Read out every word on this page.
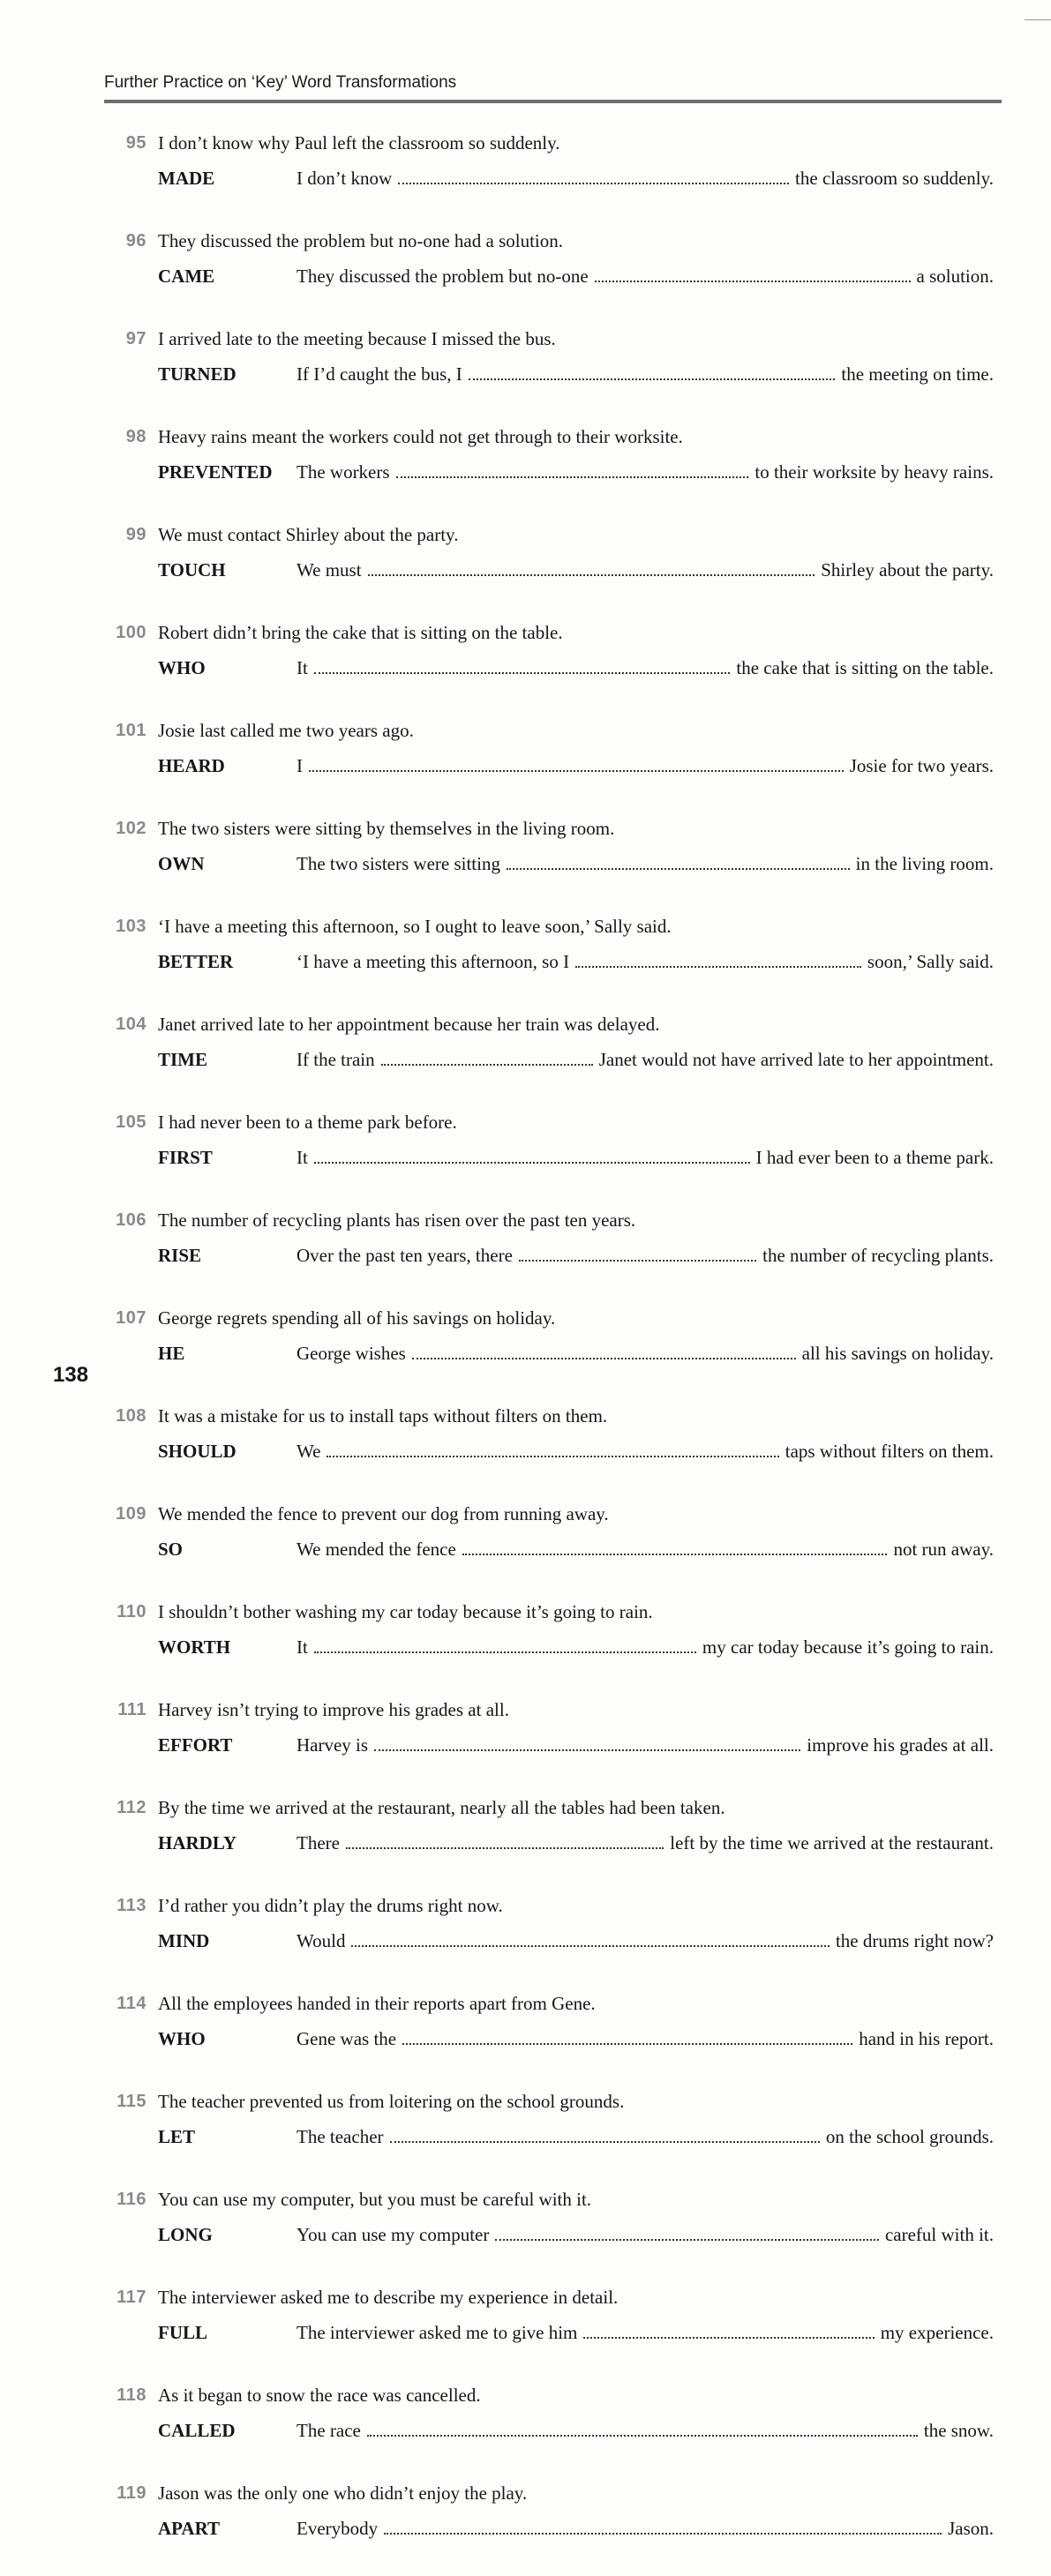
Further Practice on ‘Key’ Word Transformations
95 I don’t know why Paul left the classroom so suddenly.
MADE	I don’t know	the classroom so suddenly.
96 They discussed the problem but no-one had a solution.
CAME	They discussed the problem but no-one	a solution.
97 I arrived late to the meeting because I missed the bus.
TURNED	If I’d caught the bus, I	the meeting on time.
98 Heavy rains meant the workers could not get through to their worksite.
PREVENTED The workers	to their worksite by heavy rains.
99 We must contact Shirley about the party.
TOUCH	We must	Shirley about the party.
100 Robert didn’t bring the cake that is sitting on the table.
WHO	It	the cake that is sitting on the table.
101 Josie last called me two years ago.
HEARD	I	Josie for two years.
102 The two sisters were sitting by themselves in the living room.
OWN	The two sisters were sitting	in the living room.
103 ‘I have a meeting this afternoon, so I ought to leave soon,’ Sally said.
BETTER	‘I have a meeting this afternoon, so I	soon,’ Sally said.
104 Janet arrived late to her appointment because her train was delayed.
TIME	If the train	Janet would not have arrived late to her appointment.
105 I had never been to a theme park before.
FIRST	It	I had ever been to a theme park.
106 The number of recycling plants has risen over the past ten years.
RISE	Over the past ten years, there	the number of recycling plants.
107 George regrets spending all of his savings on holiday.
HE	George wishes	all his savings on holiday.
108 It was a mistake for us to install taps without filters on them.
SHOULD	We	taps without filters on them.
109 We mended the fence to prevent our dog from running away.
SO	We mended the fence	not run away.
110 I shouldn’t bother washing my car today because it’s going to rain.
WORTH	It	my car today because it’s going to rain.
111 Harvey isn’t trying to improve his grades at all.
EFFORT	Harvey is	improve his grades at all.
112 By the time we arrived at the restaurant, nearly all the tables had been taken.
HARDLY	There	left by the time we arrived at the restaurant.
113 I’d rather you didn’t play the drums right now.
MIND	Would	the drums right now?
114 All the employees handed in their reports apart from Gene.
WHO	Gene was the	hand in his report.
115 The teacher prevented us from loitering on the school grounds.
LET	The teacher	on the school grounds.
116 You can use my computer, but you must be careful with it.
LONG	You can use my computer	careful with it.
117 The interviewer asked me to describe my experience in detail.
FULL	The interviewer asked me to give him	my experience.
118 As it began to snow the race was cancelled.
CALLED	The race	the snow.
119 Jason was the only one who didn’t enjoy the play.
APART	Everybody	Jason.
138
